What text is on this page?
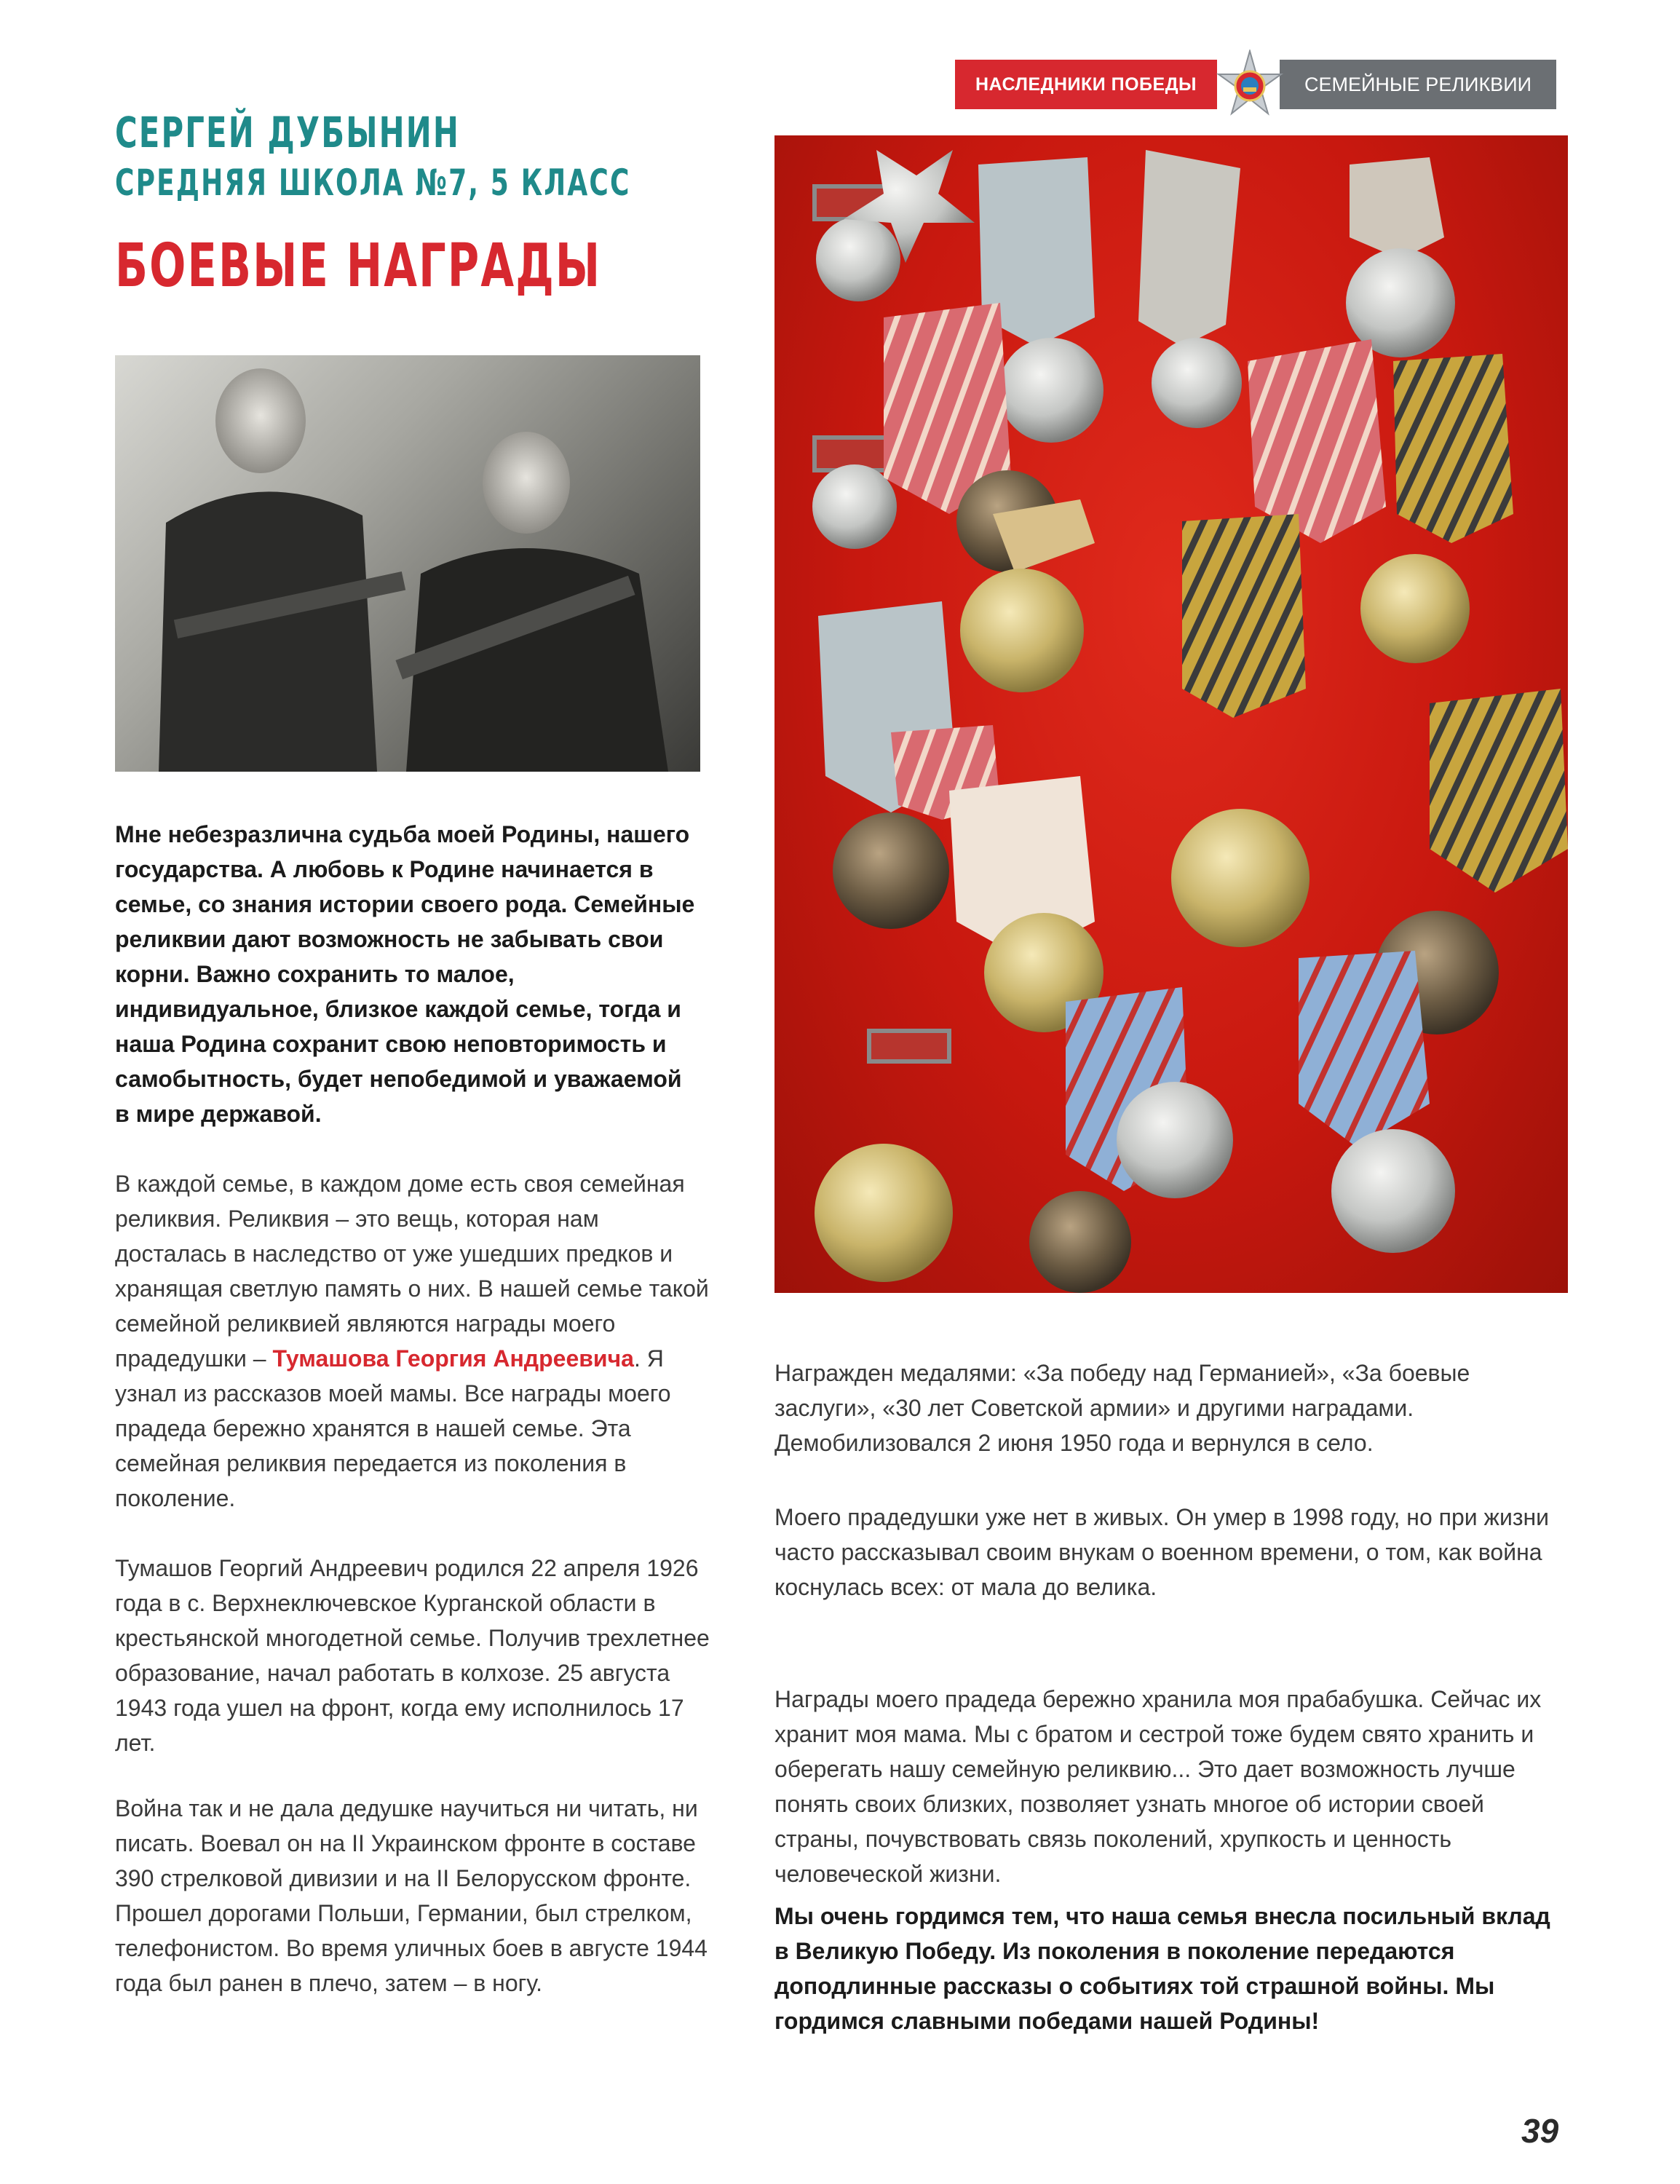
НАСЛЕДНИКИ ПОБЕДЫ	СЕМЕЙНЫЕ РЕЛИКВИИ
СЕРГЕЙ ДУБЫНИН
СРЕДНЯЯ ШКОЛА №7, 5 КЛАСС
БОЕВЫЕ НАГРАДЫ

Мне небезразлична судьба моей Родины, нашего государства. А любовь к Родине начинается в семье, со знания истории своего рода. Семейные реликвии дают возможность не забывать свои корни. Важно сохранить то малое, индивидуальное, близкое каждой семье, тогда и наша Родина сохранит свою неповторимость и самобытность, будет непобедимой и уважаемой в мире державой.

В каждой семье, в каждом доме есть своя семейная реликвия. Реликвия – это вещь, которая нам досталась в наследство от уже ушедших предков и хранящая светлую память о них. В нашей семье такой семейной реликвией являются награды моего прадедушки – Тумашова Георгия Андреевича. Я узнал из рассказов моей мамы. Все награды моего прадеда бережно хранятся в нашей семье. Эта семейная реликвия передается из поколения в поколение.

Тумашов Георгий Андреевич родился 22 апреля 1926 года в с. Верхнеключевское Курганской области в крестьянской многодетной семье. Получив трехлетнее образование, начал работать в колхозе. 25 августа 1943 года ушел на фронт, когда ему исполнилось 17 лет.

Война так и не дала дедушке научиться ни читать, ни писать. Воевал он на II Украинском фронте в составе 390 стрелковой дивизии и на II Белорусском фронте. Прошел дорогами Польши, Германии, был стрелком, телефонистом. Во время уличных боев в августе 1944 года был ранен в плечо, затем – в ногу.

Награжден медалями: «За победу над Германией», «За боевые заслуги», «30 лет Советской армии» и другими наградами. Демобилизовался 2 июня 1950 года и вернулся в село.

Моего прадедушки уже нет в живых. Он умер в 1998 году, но при жизни часто рассказывал своим внукам о военном времени, о том, как война коснулась всех: от мала до велика.

Награды моего прадеда бережно хранила моя прабабушка. Сейчас их хранит моя мама. Мы с братом и сестрой тоже будем свято хранить и оберегать нашу семейную реликвию... Это дает возможность лучше понять своих близких, позволяет узнать многое об истории своей страны, почувствовать связь поколений, хрупкость и ценность человеческой жизни.

Мы очень гордимся тем, что наша семья внесла посильный вклад в Великую Победу. Из поколения в поколение передаются доподлинные рассказы о событиях той страшной войны. Мы гордимся славными победами нашей Родины!

39
